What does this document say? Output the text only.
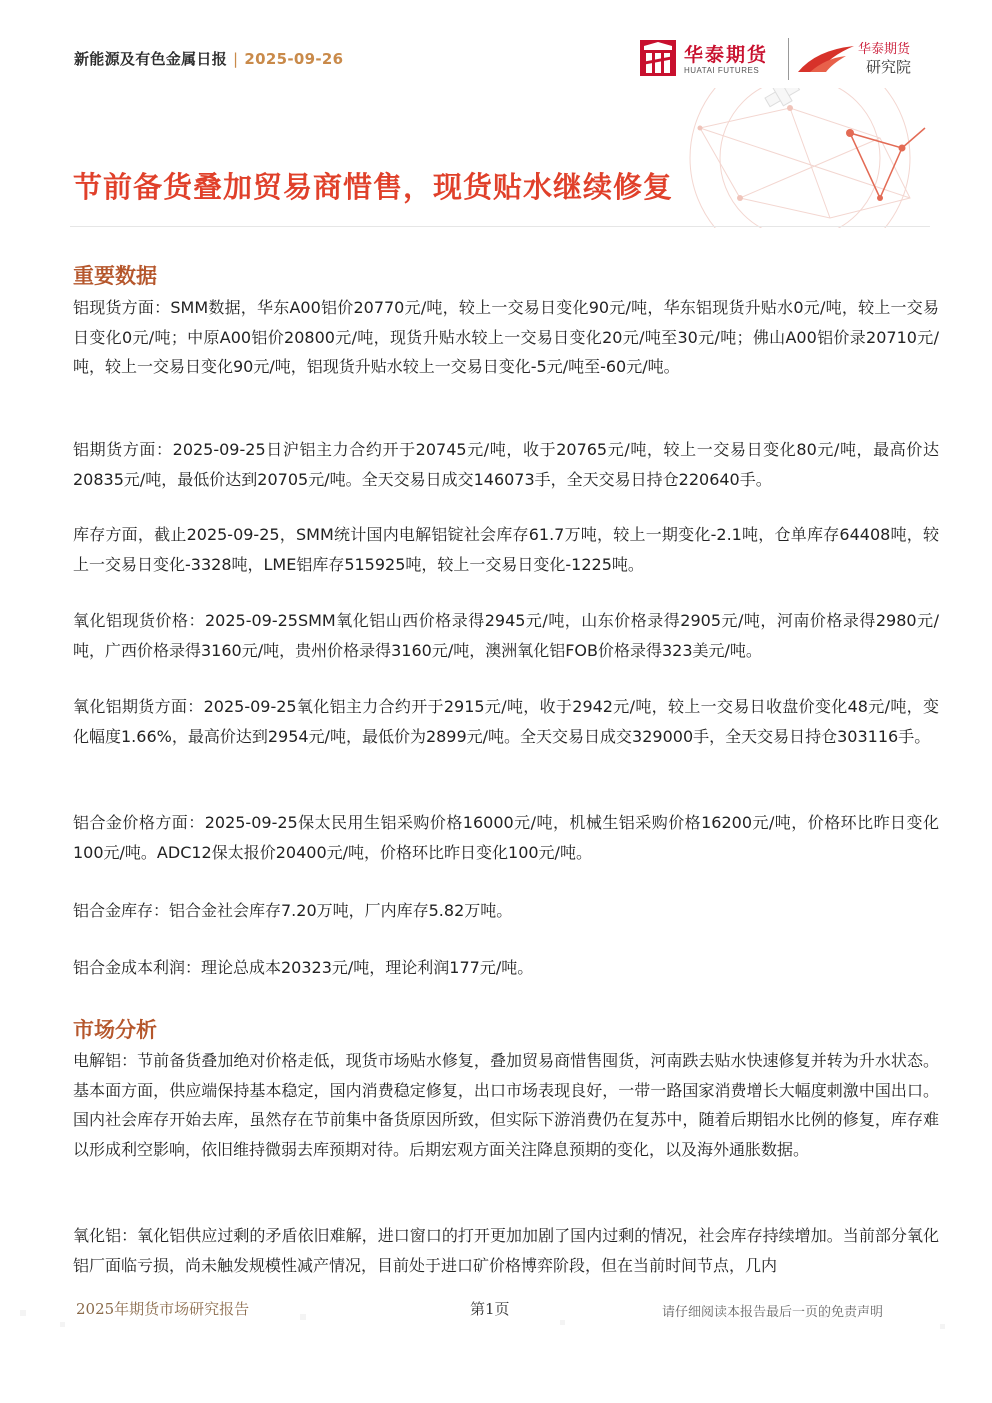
新能源及有色金属日报 | 2025-09-26	华泰期货
HUATAI FUTURES
华泰期货
研究院
节前备货叠加贸易商惜售，现货贴水继续修复
重要数据
铝现货方面：SMM数据，华东A00铝价20770元/吨，较上一交易日变化90元/吨，华东铝现货升贴水0元/吨，较上一交易日变化0元/吨；中原A00铝价20800元/吨，现货升贴水较上一交易日变化20元/吨至30元/吨；佛山A00铝价录20710元/吨，较上一交易日变化90元/吨，铝现货升贴水较上一交易日变化-5元/吨至-60元/吨。
铝期货方面：2025-09-25日沪铝主力合约开于20745元/吨，收于20765元/吨，较上一交易日变化80元/吨，最高价达20835元/吨，最低价达到20705元/吨。全天交易日成交146073手，全天交易日持仓220640手。
库存方面，截止2025-09-25，SMM统计国内电解铝锭社会库存61.7万吨，较上一期变化-2.1吨，仓单库存64408吨，较上一交易日变化-3328吨，LME铝库存515925吨，较上一交易日变化-1225吨。
氧化铝现货价格：2025-09-25SMM氧化铝山西价格录得2945元/吨，山东价格录得2905元/吨，河南价格录得2980元/吨，广西价格录得3160元/吨，贵州价格录得3160元/吨，澳洲氧化铝FOB价格录得323美元/吨。
氧化铝期货方面：2025-09-25氧化铝主力合约开于2915元/吨，收于2942元/吨，较上一交易日收盘价变化48元/吨，变化幅度1.66%，最高价达到2954元/吨，最低价为2899元/吨。全天交易日成交329000手，全天交易日持仓303116手。
铝合金价格方面：2025-09-25保太民用生铝采购价格16000元/吨，机械生铝采购价格16200元/吨，价格环比昨日变化100元/吨。ADC12保太报价20400元/吨，价格环比昨日变化100元/吨。
铝合金库存：铝合金社会库存7.20万吨，厂内库存5.82万吨。
铝合金成本利润：理论总成本20323元/吨，理论利润177元/吨。
市场分析
电解铝：节前备货叠加绝对价格走低，现货市场贴水修复，叠加贸易商惜售囤货，河南跌去贴水快速修复并转为升水状态。基本面方面，供应端保持基本稳定，国内消费稳定修复，出口市场表现良好，一带一路国家消费增长大幅度刺激中国出口。国内社会库存开始去库，虽然存在节前集中备货原因所致，但实际下游消费仍在复苏中，随着后期铝水比例的修复，库存难以形成利空影响，依旧维持微弱去库预期对待。后期宏观方面关注降息预期的变化，以及海外通胀数据。
氧化铝：氧化铝供应过剩的矛盾依旧难解，进口窗口的打开更加加剧了国内过剩的情况，社会库存持续增加。当前部分氧化铝厂面临亏损，尚未触发规模性减产情况，目前处于进口矿价格博弈阶段，但在当前时间节点，几内
2025年期货市场研究报告	第1页	请仔细阅读本报告最后一页的免责声明
